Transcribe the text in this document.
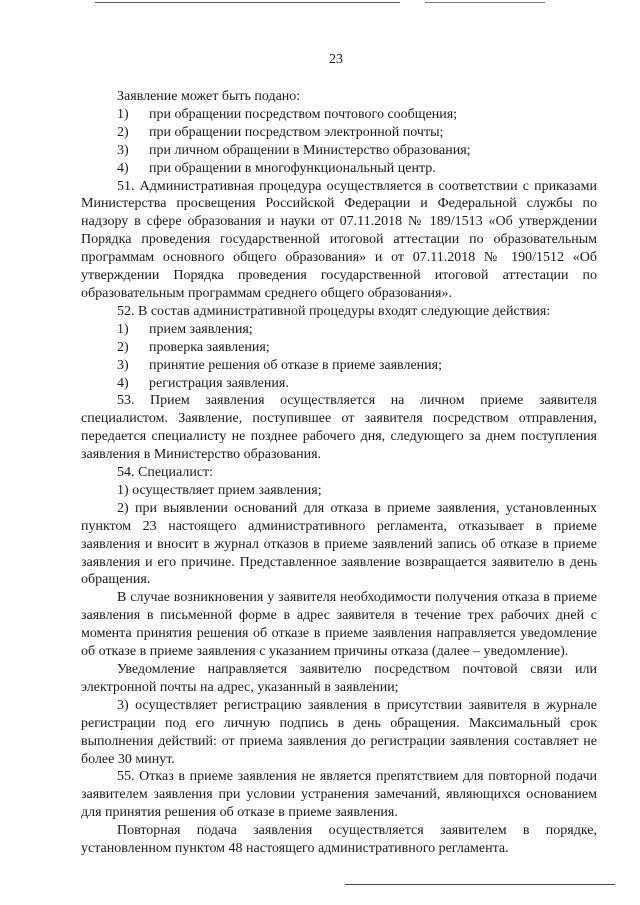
23

Заявление может быть подано:

1)	при обращении посредством почтового сообщения;
2)	при обращении посредством электронной почты;
3)	при личном обращении в Министерство образования;
4)	при обращении в многофункциональный центр.

51. Административная процедура осуществляется в соответствии с приказами Министерства просвещения Российской Федерации и Федеральной службы по надзору в сфере образования и науки от 07.11.2018 № 189/1513 «Об утверждении Порядка проведения государственной итоговой аттестации по образовательным программам основного общего образования» и от 07.11.2018 № 190/1512 «Об утверждении Порядка проведения государственной итоговой аттестации по образовательным программам среднего общего образования».

52. В состав административной процедуры входят следующие действия:

1)	прием заявления;
2)	проверка заявления;
3)	принятие решения об отказе в приеме заявления;
4)	регистрация заявления.

53. Прием заявления осуществляется на личном приеме заявителя специалистом. Заявление, поступившее от заявителя посредством отправления, передается специалисту не позднее рабочего дня, следующего за днем поступления заявления в Министерство образования.

54. Специалист:

1) осуществляет прием заявления;

2) при выявлении оснований для отказа в приеме заявления, установленных пунктом 23 настоящего административного регламента, отказывает в приеме заявления и вносит в журнал отказов в приеме заявлений запись об отказе в приеме заявления и его причине. Представленное заявление возвращается заявителю в день обращения.

В случае возникновения у заявителя необходимости получения отказа в приеме заявления в письменной форме в адрес заявителя в течение трех рабочих дней с момента принятия решения об отказе в приеме заявления направляется уведомление об отказе в приеме заявления с указанием причины отказа (далее – уведомление).

Уведомление направляется заявителю посредством почтовой связи или электронной почты на адрес, указанный в заявлении;

3) осуществляет регистрацию заявления в присутствии заявителя в журнале регистрации под его личную подпись в день обращения. Максимальный срок выполнения действий: от приема заявления до регистрации заявления составляет не более 30 минут.

55. Отказ в приеме заявления не является препятствием для повторной подачи заявителем заявления при условии устранения замечаний, являющихся основанием для принятия решения об отказе в приеме заявления.

Повторная подача заявления осуществляется заявителем в порядке, установленном пунктом 48 настоящего административного регламента.
